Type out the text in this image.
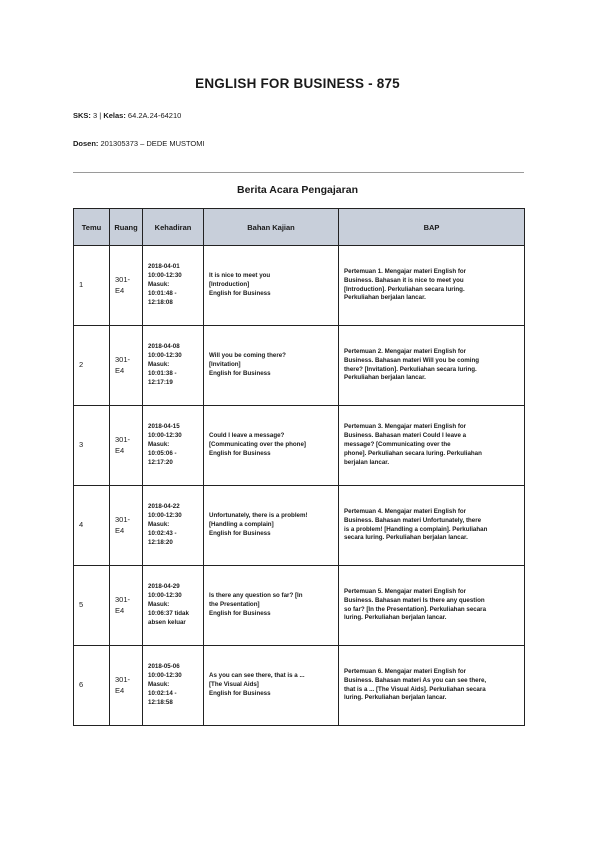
ENGLISH FOR BUSINESS - 875
SKS: 3 | Kelas: 64.2A.24-64210
Dosen: 201305373 – DEDE MUSTOMI
Berita Acara Pengajaran
Temu	Ruang	Kehadiran	Bahan Kajian	BAP
1	301-
E4	2018-04-01
10:00-12:30
Masuk:
10:01:48 -
12:18:08	It is nice to meet you
[Introduction]
English for Business	Pertemuan 1. Mengajar materi English for
Business. Bahasan it is nice to meet you
[Introduction]. Perkuliahan secara luring.
Perkuliahan berjalan lancar.

2	301-
E4	2018-04-08
10:00-12:30
Masuk:
10:01:38 -
12:17:19	Will you be coming there?
[Invitation]
English for Business	Pertemuan 2. Mengajar materi English for
Business. Bahasan materi Will you be coming
there? [Invitation]. Perkuliahan secara luring.
Perkuliahan berjalan lancar.

3	301-
E4	2018-04-15
10:00-12:30
Masuk:
10:05:06 -
12:17:20	Could I leave a message?
[Communicating over the phone]
English for Business	Pertemuan 3. Mengajar materi English for
Business. Bahasan materi Could I leave a
message? [Communicating over the
phone]. Perkuliahan secara luring. Perkuliahan
berjalan lancar.

4	301-
E4	2018-04-22
10:00-12:30
Masuk:
10:02:43 -
12:18:20	Unfortunately, there is a problem!
[Handling a complain]
English for Business	Pertemuan 4. Mengajar materi English for
Business. Bahasan materi Unfortunately, there
is a problem! [Handling a complain]. Perkuliahan
secara luring. Perkuliahan berjalan lancar.

5	301-
E4	2018-04-29
10:00-12:30
Masuk:
10:06:37 tidak
absen keluar	Is there any question so far? [In
the Presentation]
English for Business	Pertemuan 5. Mengajar materi English for
Business. Bahasan materi Is there any question
so far? [In the Presentation]. Perkuliahan secara
luring. Perkuliahan berjalan lancar.

6	301-
E4	2018-05-06
10:00-12:30
Masuk:
10:02:14 -
12:18:58	As you can see there, that is a ...
[The Visual Aids]
English for Business	Pertemuan 6. Mengajar materi English for
Business. Bahasan materi As you can see there,
that is a ... [The Visual Aids]. Perkuliahan secara
luring. Perkuliahan berjalan lancar.
